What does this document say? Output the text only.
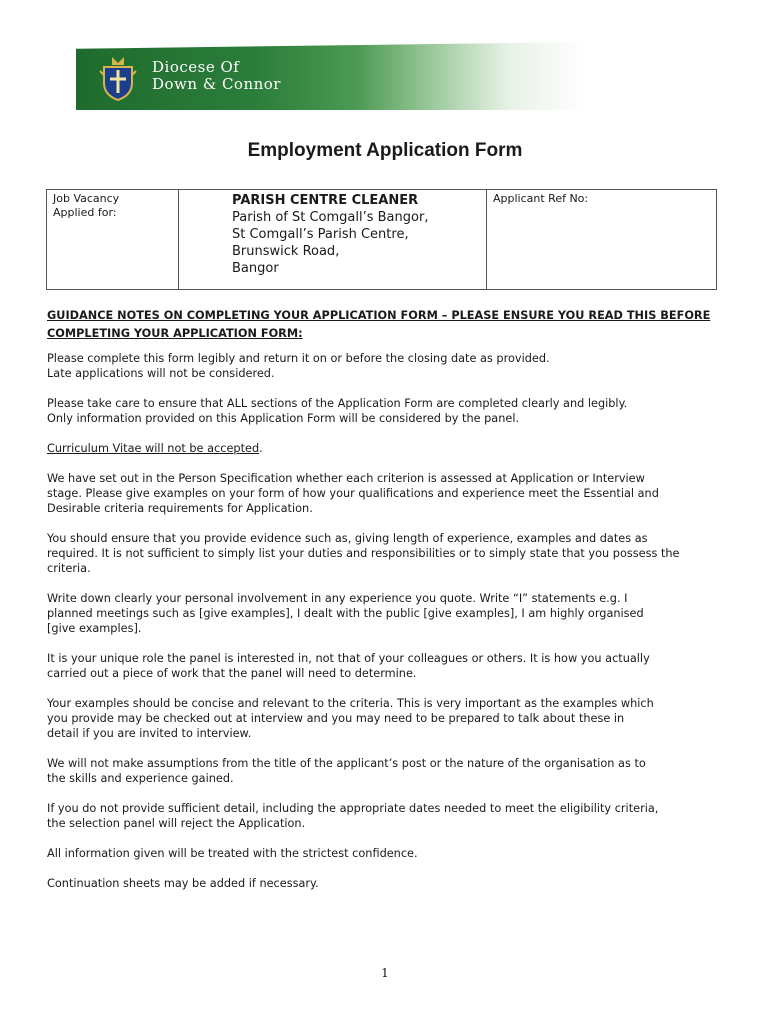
Diocese Of
Down & Connor
Employment Application Form
Job Vacancy
Applied for:
PARISH CENTRE CLEANER
Parish of St Comgall’s Bangor,
St Comgall’s Parish Centre,
Brunswick Road,
Bangor
Applicant Ref No:
GUIDANCE NOTES ON COMPLETING YOUR APPLICATION FORM – PLEASE ENSURE YOU READ THIS BEFORE
COMPLETING YOUR APPLICATION FORM:

Please complete this form legibly and return it on or before the closing date as provided.
Late applications will not be considered.

Please take care to ensure that ALL sections of the Application Form are completed clearly and legibly.
Only information provided on this Application Form will be considered by the panel.

Curriculum Vitae will not be accepted.

We have set out in the Person Specification whether each criterion is assessed at Application or Interview
stage. Please give examples on your form of how your qualifications and experience meet the Essential and
Desirable criteria requirements for Application.

You should ensure that you provide evidence such as, giving length of experience, examples and dates as
required. It is not sufficient to simply list your duties and responsibilities or to simply state that you possess the
criteria.

Write down clearly your personal involvement in any experience you quote. Write “I” statements e.g. I
planned meetings such as [give examples], I dealt with the public [give examples], I am highly organised
[give examples].

It is your unique role the panel is interested in, not that of your colleagues or others. It is how you actually
carried out a piece of work that the panel will need to determine.

Your examples should be concise and relevant to the criteria. This is very important as the examples which
you provide may be checked out at interview and you may need to be prepared to talk about these in
detail if you are invited to interview.

We will not make assumptions from the title of the applicant’s post or the nature of the organisation as to
the skills and experience gained.

If you do not provide sufficient detail, including the appropriate dates needed to meet the eligibility criteria,
the selection panel will reject the Application.

All information given will be treated with the strictest confidence.

Continuation sheets may be added if necessary.

1
